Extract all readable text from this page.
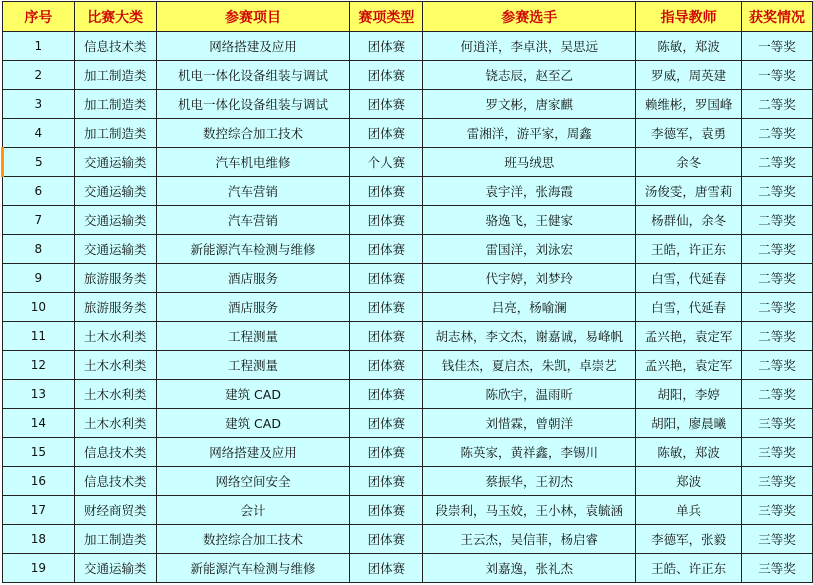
序号	比赛大类	参赛项目	赛项类型	参赛选手	指导教师	获奖情况
1	信息技术类	网络搭建及应用	团体赛	何逍洋，李卓洪，吴思远	陈敏，郑波	一等奖
2	加工制造类	机电一体化设备组装与调试	团体赛	铙志辰，赵至乙	罗威，周英建	一等奖
3	加工制造类	机电一体化设备组装与调试	团体赛	罗文彬，唐家麒	赖维彬，罗国峰	二等奖
4	加工制造类	数控综合加工技术	团体赛	雷湘洋，游平家，周鑫	李德军，袁勇	二等奖
5	交通运输类	汽车机电维修	个人赛	班马绒思	余冬	二等奖
6	交通运输类	汽车营销	团体赛	袁宇洋，张海霞	汤俊雯，唐雪莉	二等奖
7	交通运输类	汽车营销	团体赛	骆逸飞，王健家	杨群仙，余冬	二等奖
8	交通运输类	新能源汽车检测与维修	团体赛	雷国洋，刘泳宏	王皓，许正东	二等奖
9	旅游服务类	酒店服务	团体赛	代宇婷，刘梦玲	白雪，代延春	二等奖
10	旅游服务类	酒店服务	团体赛	吕亮，杨喻澜	白雪，代延春	二等奖
11	土木水利类	工程测量	团体赛	胡志林，李文杰，谢嘉诚，易峰帆	孟兴艳，袁定军	二等奖
12	土木水利类	工程测量	团体赛	钱佳杰，夏启杰，朱凯，卓崇艺	孟兴艳，袁定军	二等奖
13	土木水利类	建筑 CAD	团体赛	陈欣宇，温雨昕	胡阳，李婷	二等奖
14	土木水利类	建筑 CAD	团体赛	刘惜霖，曾朝洋	胡阳，廖晨曦	三等奖
15	信息技术类	网络搭建及应用	团体赛	陈英家，黄祥鑫，李锡川	陈敏，郑波	三等奖
16	信息技术类	网络空间安全	团体赛	蔡振华，王初杰	郑波	三等奖
17	财经商贸类	会计	团体赛	段崇利，马玉姣，王小林，袁毓涵	单兵	三等奖
18	加工制造类	数控综合加工技术	团体赛	王云杰，吴信菲，杨启睿	李德军，张毅	三等奖
19	交通运输类	新能源汽车检测与维修	团体赛	刘嘉逸，张礼杰	王皓、许正东	三等奖
